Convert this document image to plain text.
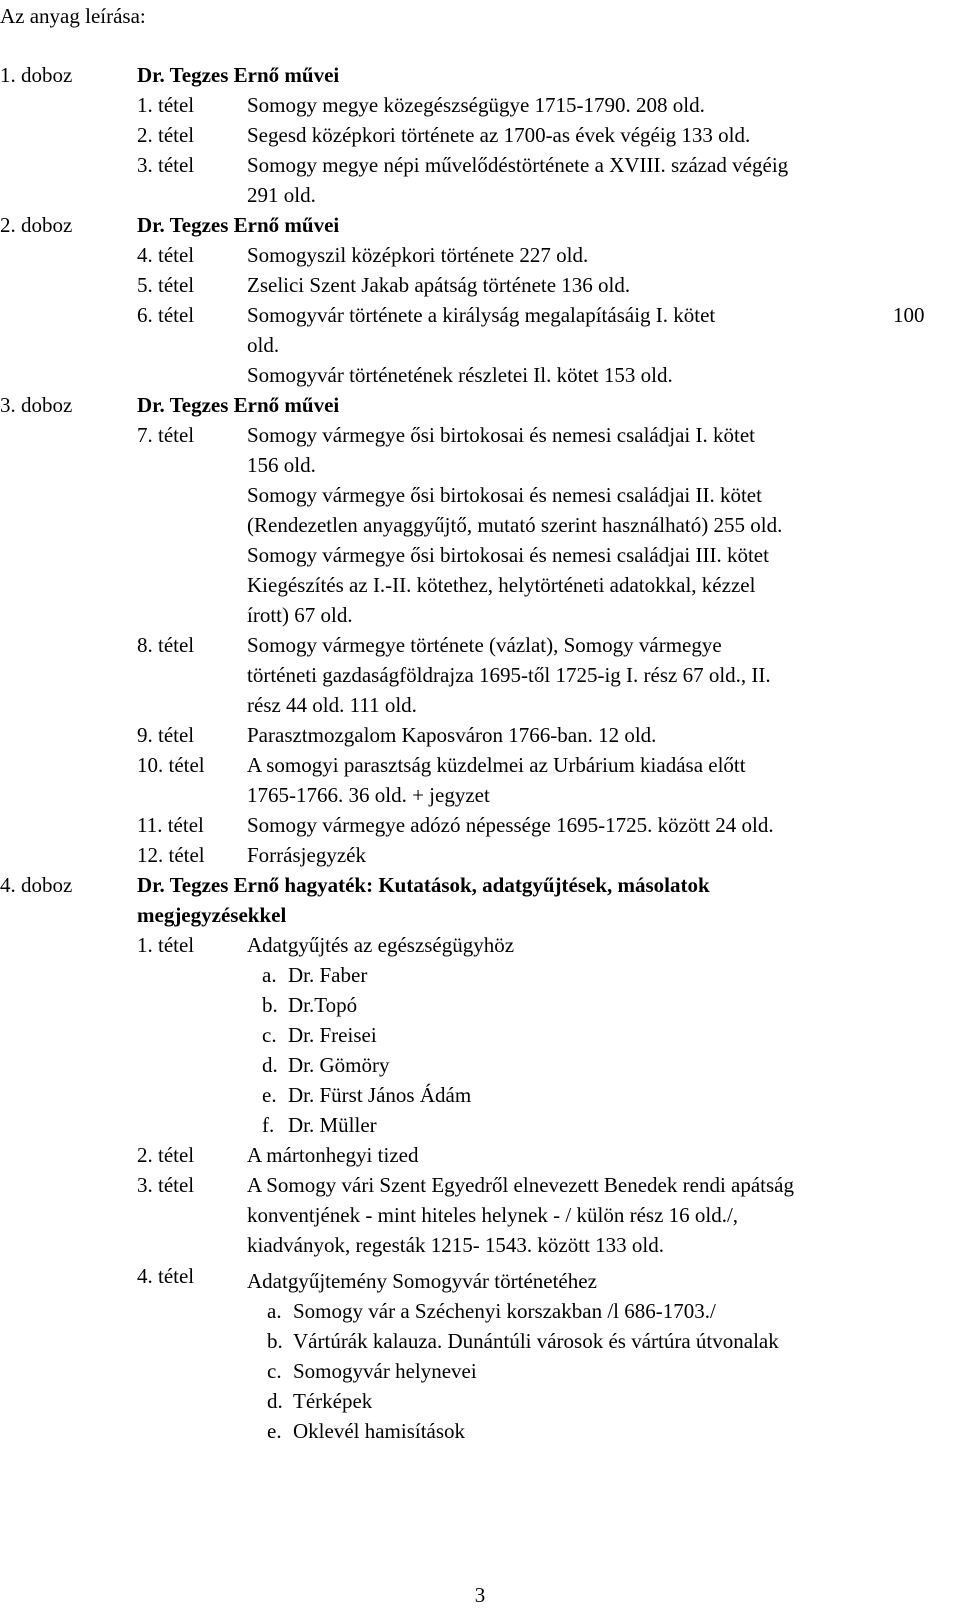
Az anyag leírása:
1. doboz	Dr. Tegzes Ernő művei
1. tétel	Somogy megye közegészségügye 1715-1790. 208 old.
2. tétel	Segesd középkori története az 1700-as évek végéig 133 old.
3. tétel	Somogy megye népi művelődéstörténete a XVIII. század végéig
291 old.
2. doboz	Dr. Tegzes Ernő művei
4. tétel	Somogyszil középkori története 227 old.
5. tétel	Zselici Szent Jakab apátság története 136 old.
6. tétel	Somogyvár története a királyság megalapításáig I. kötet	100
old.
Somogyvár történetének részletei Il. kötet 153 old.
3. doboz	Dr. Tegzes Ernő művei
7. tétel	Somogy vármegye ősi birtokosai és nemesi családjai I. kötet
156 old.
Somogy vármegye ősi birtokosai és nemesi családjai II. kötet
(Rendezetlen anyaggyűjtő, mutató szerint használható) 255 old.
Somogy vármegye ősi birtokosai és nemesi családjai III. kötet
Kiegészítés az I.-II. kötethez, helytörténeti adatokkal, kézzel
írott) 67 old.
8. tétel	Somogy vármegye története (vázlat), Somogy vármegye
történeti gazdaságföldrajza 1695-től 1725-ig I. rész 67 old., II.
rész 44 old. 111 old.
9. tétel	Parasztmozgalom Kaposváron 1766-ban. 12 old.
10. tétel A somogyi parasztság küzdelmei az Urbárium kiadása előtt
1765-1766. 36 old. + jegyzet
11. tétel Somogy vármegye adózó népessége 1695-1725. között 24 old.
12. tétel Forrásjegyzék
4. doboz	Dr. Tegzes Ernő hagyaték: Kutatások, adatgyűjtések, másolatok
megjegyzésekkel
1. tétel	Adatgyűjtés az egészségügyhöz
a. Dr. Faber
b. Dr.Topó
c. Dr. Freisei
d. Dr. Gömöry
e. Dr. Fürst János Ádám
f. Dr. Müller
2. tétel	A mártonhegyi tized
3. tétel	A Somogy vári Szent Egyedről elnevezett Benedek rendi apátság
konventjének - mint hiteles helynek - / külön rész 16 old./,
kiadványok, regesták 1215- 1543. között 133 old.
4. tétel	Adatgyűjtemény Somogyvár történetéhez
a. Somogy vár a Széchenyi korszakban /l 686-1703./
b. Vártúrák kalauza. Dunántúli városok és vártúra útvonalak
c. Somogyvár helynevei
d. Térképek
e. Oklevél hamisítások
3
